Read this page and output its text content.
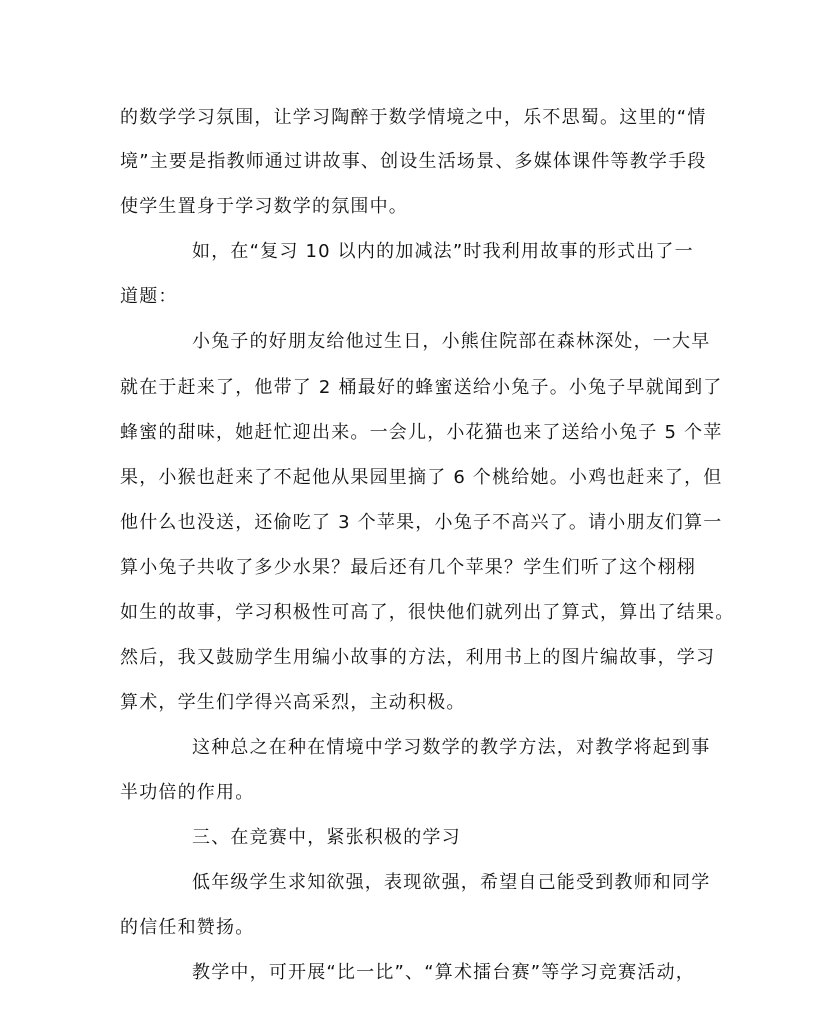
的数学学习氛围，让学习陶醉于数学情境之中，乐不思蜀。这里的“情
境”主要是指教师通过讲故事、创设生活场景、多媒体课件等教学手段
使学生置身于学习数学的氛围中。
如，在“复习 10 以内的加减法”时我利用故事的形式出了一
道题：
小兔子的好朋友给他过生日，小熊住院部在森林深处，一大早
就在于赶来了，他带了 2 桶最好的蜂蜜送给小兔子。小兔子早就闻到了
蜂蜜的甜味，她赶忙迎出来。一会儿，小花猫也来了送给小兔子 5 个苹
果，小猴也赶来了不起他从果园里摘了 6 个桃给她。小鸡也赶来了，但
他什么也没送，还偷吃了 3 个苹果，小兔子不高兴了。请小朋友们算一
算小兔子共收了多少水果？最后还有几个苹果？学生们听了这个栩栩
如生的故事，学习积极性可高了，很快他们就列出了算式，算出了结果。
然后，我又鼓励学生用编小故事的方法，利用书上的图片编故事，学习
算术，学生们学得兴高采烈，主动积极。
这种总之在种在情境中学习数学的教学方法，对教学将起到事
半功倍的作用。
三、在竞赛中，紧张积极的学习
低年级学生求知欲强，表现欲强，希望自己能受到教师和同学
的信任和赞扬。
教学中，可开展“比一比”、“算术擂台赛”等学习竞赛活动，
